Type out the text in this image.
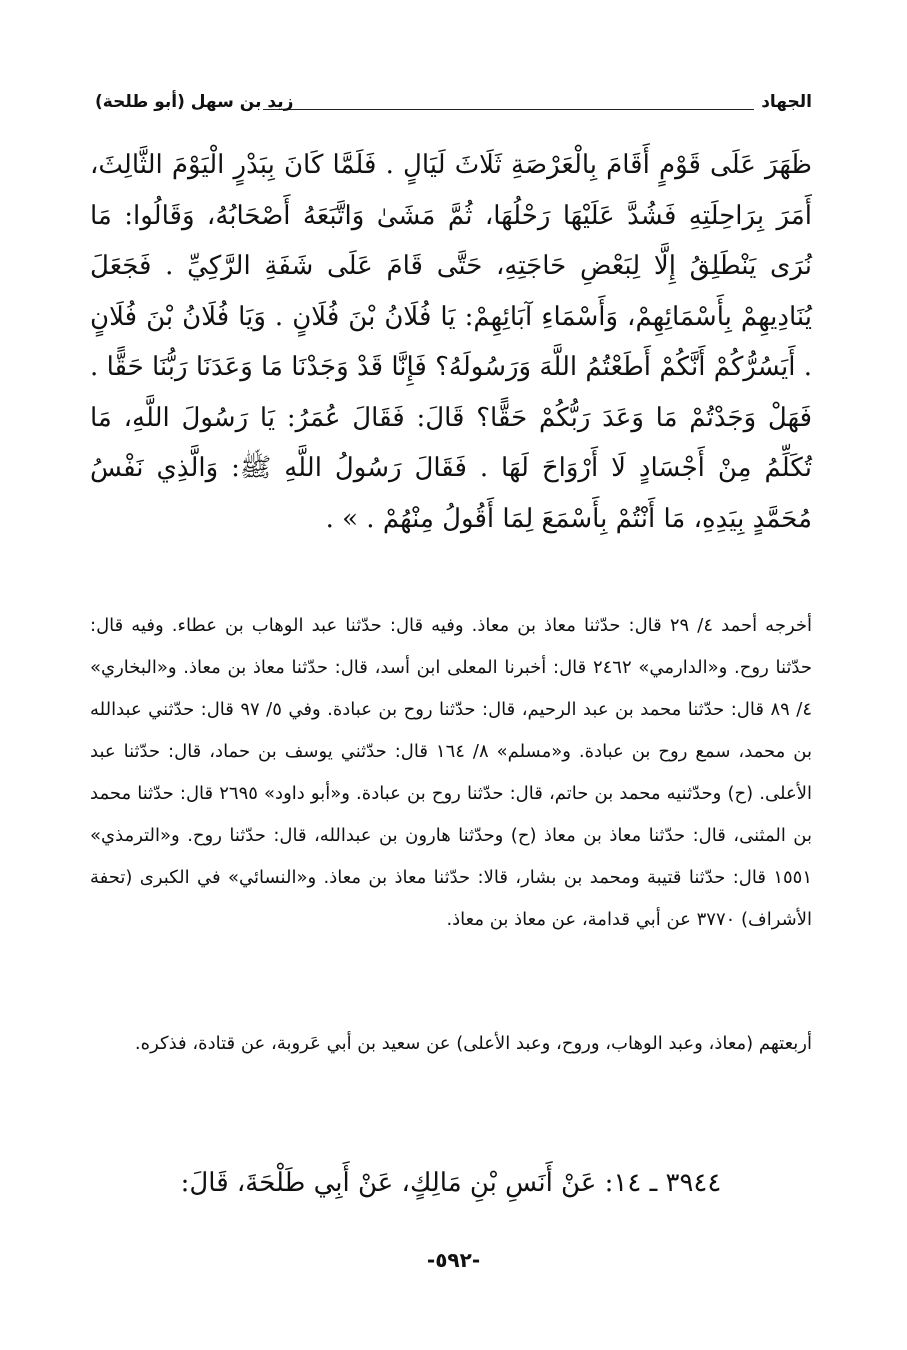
الجهاد
زيد بن سهل (أبو طلحة)

ظَهَرَ عَلَى قَوْمٍ أَقَامَ بِالْعَرْصَةِ ثَلَاثَ لَيَالٍ . فَلَمَّا كَانَ بِبَدْرٍ الْيَوْمَ الثَّالِثَ، أَمَرَ بِرَاحِلَتِهِ فَشُدَّ عَلَيْهَا رَحْلُهَا، ثُمَّ مَشَىٰ وَاتَّبَعَهُ أَصْحَابُهُ، وَقَالُوا: مَا نُرَى يَنْطَلِقُ إِلَّا لِبَعْضِ حَاجَتِهِ، حَتَّى قَامَ عَلَى شَفَةِ الرَّكِيِّ . فَجَعَلَ يُنَادِيهِمْ بِأَسْمَائِهِمْ، وَأَسْمَاءِ آبَائِهِمْ: يَا فُلَانُ بْنَ فُلَانٍ . وَيَا فُلَانُ بْنَ فُلَانٍ . أَيَسُرُّكُمْ أَنَّكُمْ أَطَعْتُمُ اللَّهَ وَرَسُولَهُ؟ فَإِنَّا قَدْ وَجَدْنَا مَا وَعَدَنَا رَبُّنَا حَقًّا . فَهَلْ وَجَدْتُمْ مَا وَعَدَ رَبُّكُمْ حَقًّا؟ قَالَ: فَقَالَ عُمَرُ: يَا رَسُولَ اللَّهِ، مَا تُكَلِّمُ مِنْ أَجْسَادٍ لَا أَرْوَاحَ لَهَا . فَقَالَ رَسُولُ اللَّهِ ﷺ: وَالَّذِي نَفْسُ مُحَمَّدٍ بِيَدِهِ، مَا أَنْتُمْ بِأَسْمَعَ لِمَا أَقُولُ مِنْهُمْ . » .

أخرجه أحمد ٤/ ٢٩ قال: حدّثنا معاذ بن معاذ. وفيه قال: حدّثنا عبد الوهاب بن عطاء. وفيه قال: حدّثنا روح. و«الدارمي» ٢٤٦٢ قال: أخبرنا المعلى ابن أسد، قال: حدّثنا معاذ بن معاذ. و«البخاري» ٤/ ٨٩ قال: حدّثنا محمد بن عبد الرحيم، قال: حدّثنا روح بن عبادة. وفي ٥/ ٩٧ قال: حدّثني عبدالله بن محمد، سمع روح بن عبادة. و«مسلم» ٨/ ١٦٤ قال: حدّثني يوسف بن حماد، قال: حدّثنا عبد الأعلى. (ح) وحدّثنيه محمد بن حاتم، قال: حدّثنا روح بن عبادة. و«أبو داود» ٢٦٩٥ قال: حدّثنا محمد بن المثنى، قال: حدّثنا معاذ بن معاذ (ح) وحدّثنا هارون بن عبدالله، قال: حدّثنا روح. و«الترمذي» ١٥٥١ قال: حدّثنا قتيبة ومحمد بن بشار، قالا: حدّثنا معاذ بن معاذ. و«النسائي» في الكبرى (تحفة الأشراف) ٣٧٧٠ عن أبي قدامة، عن معاذ بن معاذ.

أربعتهم (معاذ، وعبد الوهاب، وروح، وعبد الأعلى) عن سعيد بن أبي عَروبة، عن قتادة، فذكره.

٣٩٤٤ ـ ١٤: عَنْ أَنَسِ بْنِ مَالِكٍ، عَنْ أَبِي طَلْحَةَ، قَالَ:
-٥٩٢-
